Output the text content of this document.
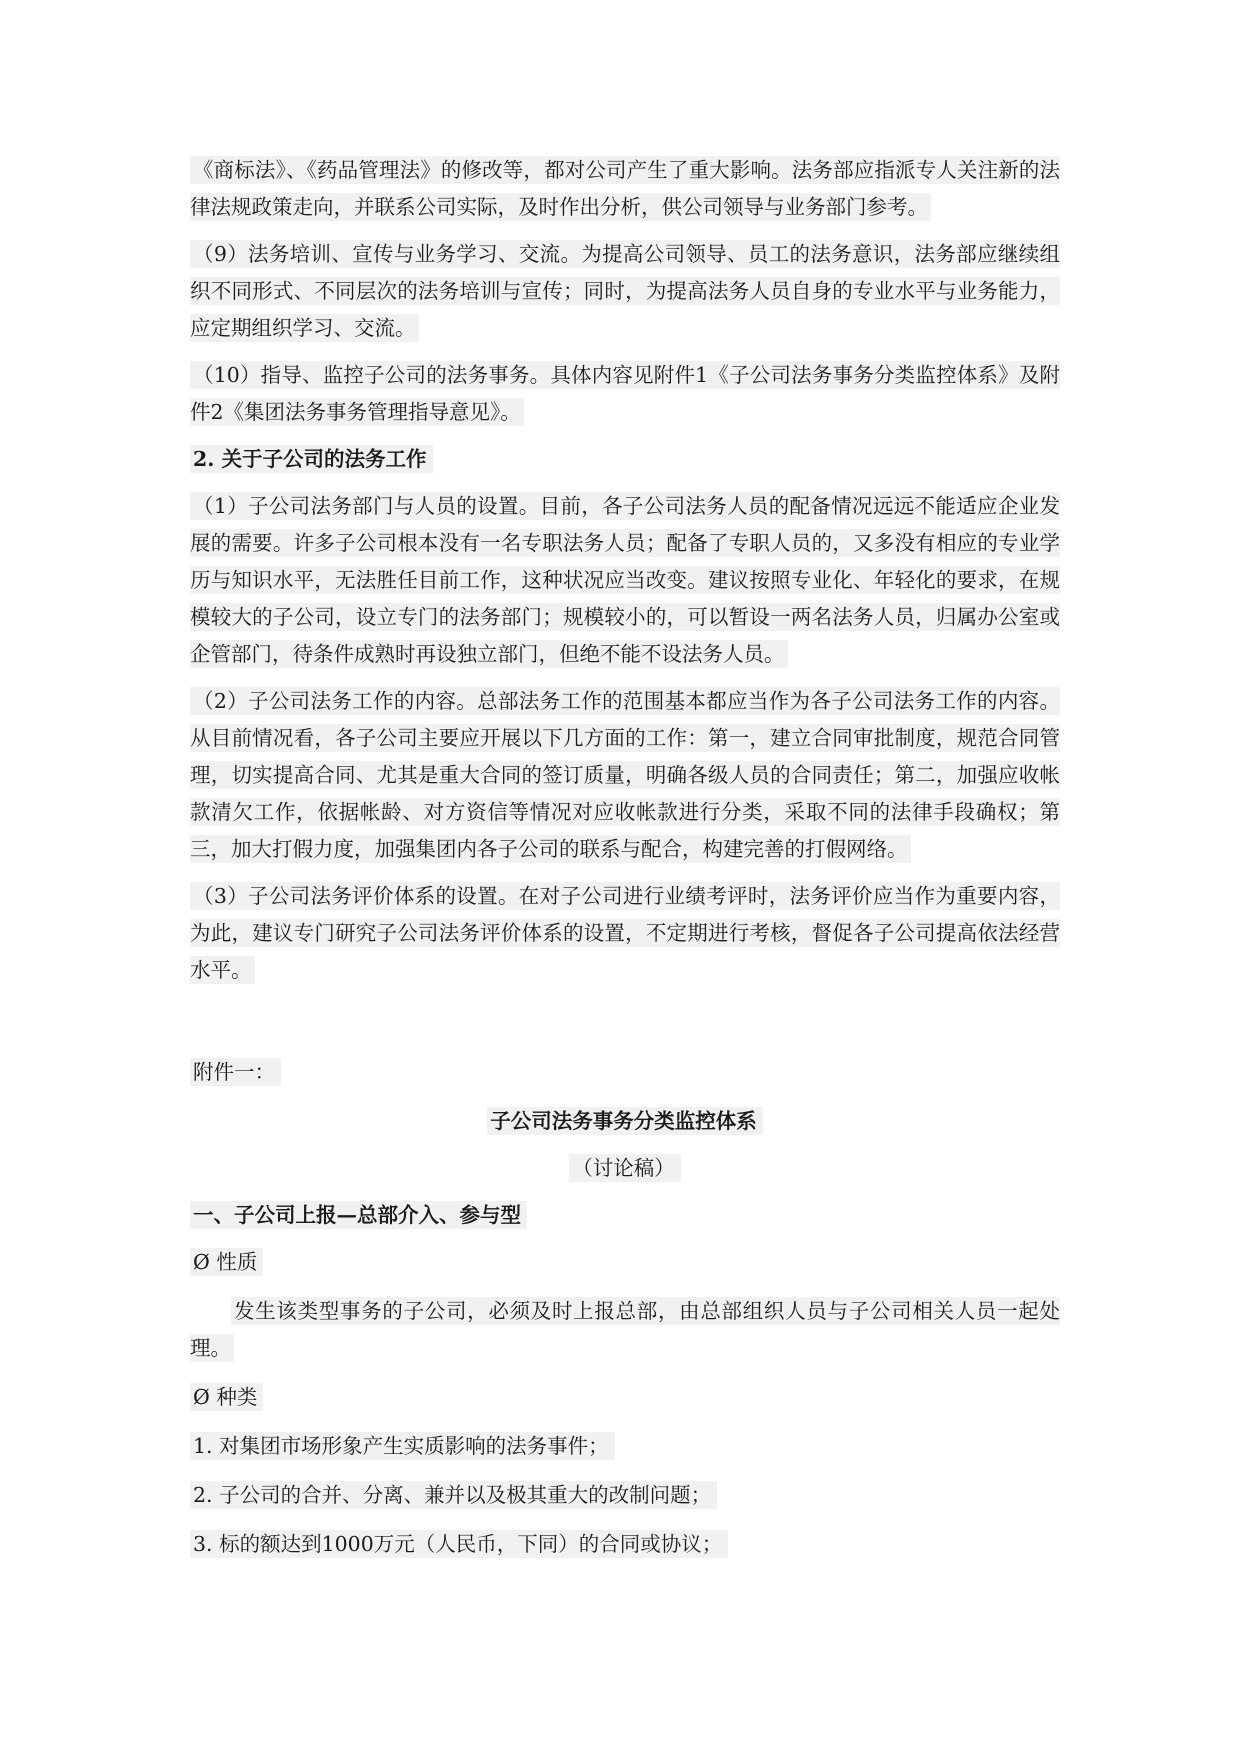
《商标法》、《药品管理法》的修改等，都对公司产生了重大影响。法务部应指派专人关注新的法律法规政策走向，并联系公司实际，及时作出分析，供公司领导与业务部门参考。

（9）法务培训、宣传与业务学习、交流。为提高公司领导、员工的法务意识，法务部应继续组织不同形式、不同层次的法务培训与宣传；同时，为提高法务人员自身的专业水平与业务能力，应定期组织学习、交流。

（10）指导、监控子公司的法务事务。具体内容见附件1《子公司法务事务分类监控体系》及附件2《集团法务事务管理指导意见》。

2. 关于子公司的法务工作

（1）子公司法务部门与人员的设置。目前，各子公司法务人员的配备情况远远不能适应企业发展的需要。许多子公司根本没有一名专职法务人员；配备了专职人员的，又多没有相应的专业学历与知识水平，无法胜任目前工作，这种状况应当改变。建议按照专业化、年轻化的要求，在规模较大的子公司，设立专门的法务部门；规模较小的，可以暂设一两名法务人员，归属办公室或企管部门，待条件成熟时再设独立部门，但绝不能不设法务人员。

（2）子公司法务工作的内容。总部法务工作的范围基本都应当作为各子公司法务工作的内容。从目前情况看，各子公司主要应开展以下几方面的工作：第一，建立合同审批制度，规范合同管理，切实提高合同、尤其是重大合同的签订质量，明确各级人员的合同责任；第二，加强应收帐款清欠工作，依据帐龄、对方资信等情况对应收帐款进行分类，采取不同的法律手段确权；第三，加大打假力度，加强集团内各子公司的联系与配合，构建完善的打假网络。

（3）子公司法务评价体系的设置。在对子公司进行业绩考评时，法务评价应当作为重要内容，为此，建议专门研究子公司法务评价体系的设置，不定期进行考核，督促各子公司提高依法经营水平。

附件一：

子公司法务事务分类监控体系

（讨论稿）

一、子公司上报—总部介入、参与型

Ø 性质

发生该类型事务的子公司，必须及时上报总部，由总部组织人员与子公司相关人员一起处理。

Ø 种类

1. 对集团市场形象产生实质影响的法务事件；

2. 子公司的合并、分离、兼并以及极其重大的改制问题；

3. 标的额达到1000万元（人民币，下同）的合同或协议；
